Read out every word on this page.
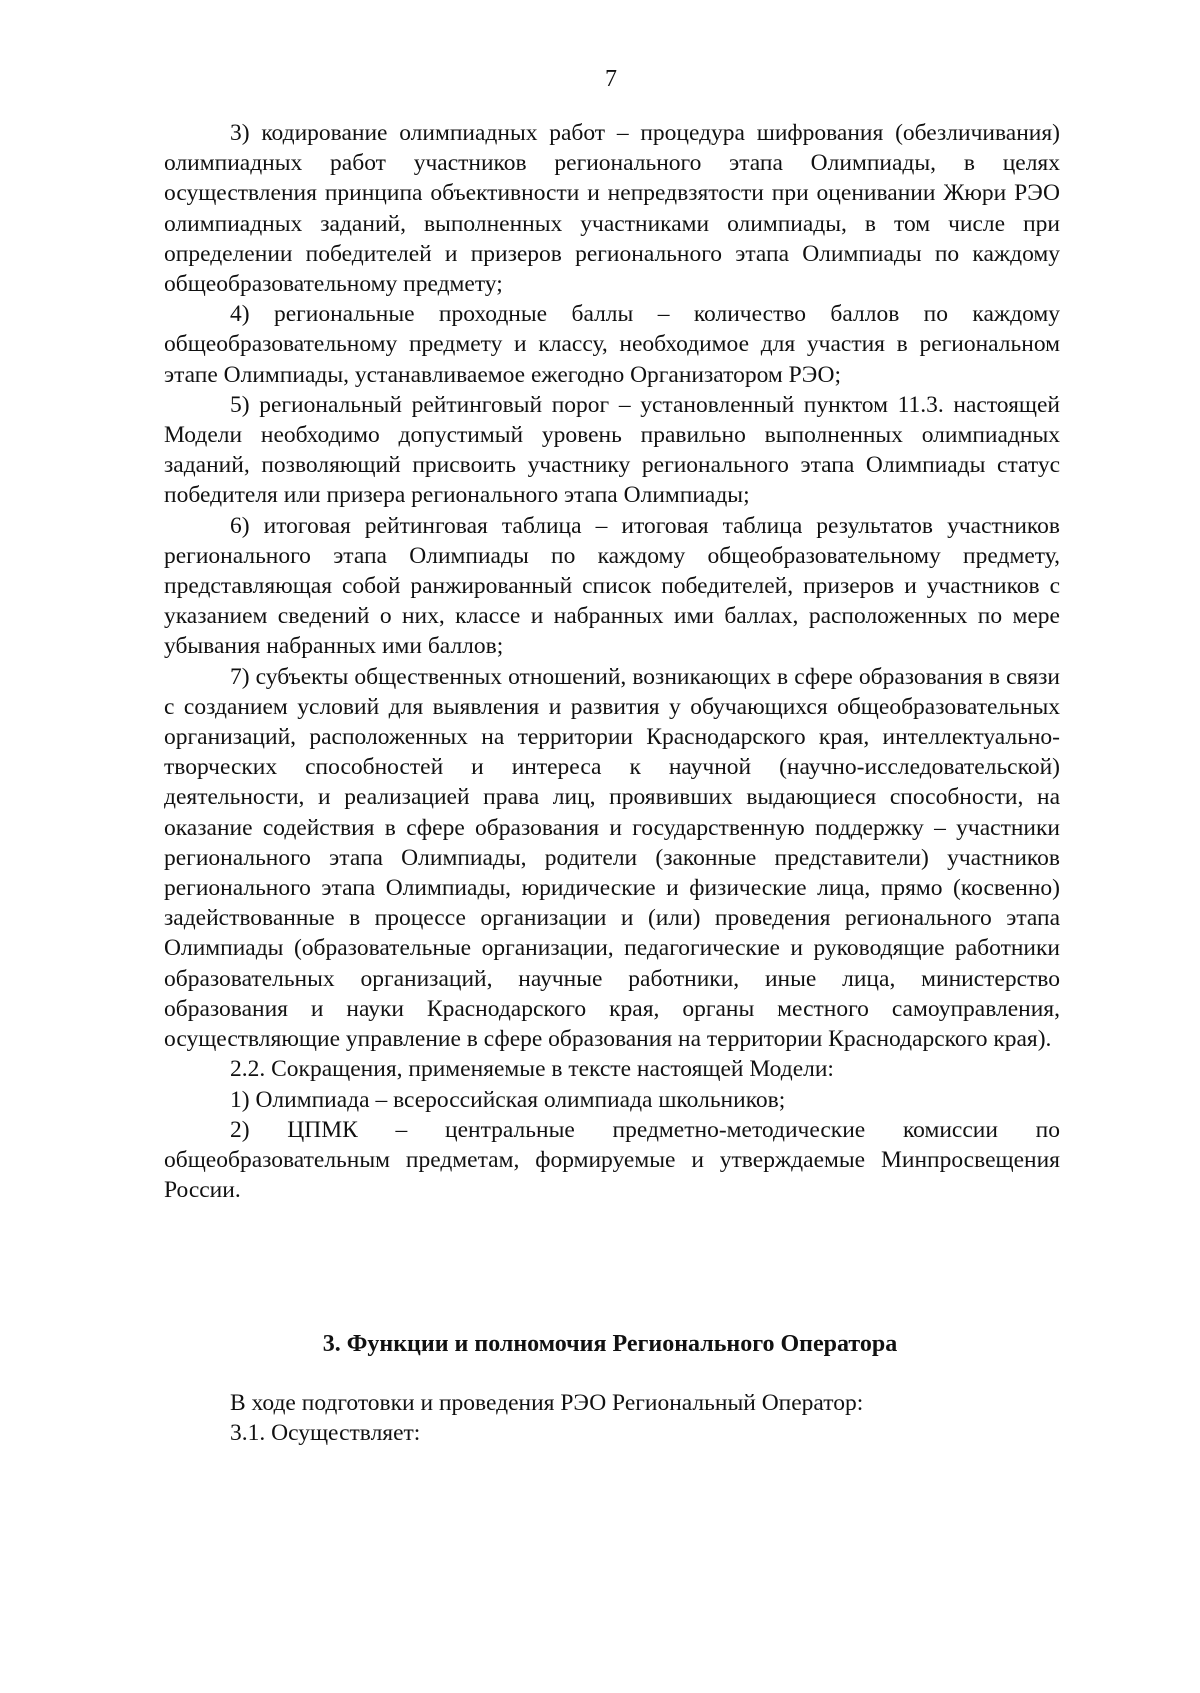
7

3) кодирование олимпиадных работ – процедура шифрования (обезличивания) олимпиадных работ участников регионального этапа Олимпиады, в целях осуществления принципа объективности и непредвзятости при оценивании Жюри РЭО олимпиадных заданий, выполненных участниками олимпиады, в том числе при определении победителей и призеров регионального этапа Олимпиады по каждому общеобразовательному предмету;

4) региональные проходные баллы – количество баллов по каждому общеобразовательному предмету и классу, необходимое для участия в региональном этапе Олимпиады, устанавливаемое ежегодно Организатором РЭО;

5) региональный рейтинговый порог – установленный пунктом 11.3. настоящей Модели необходимо допустимый уровень правильно выполненных олимпиадных заданий, позволяющий присвоить участнику регионального этапа Олимпиады статус победителя или призера регионального этапа Олимпиады;

6) итоговая рейтинговая таблица – итоговая таблица результатов участников регионального этапа Олимпиады по каждому общеобразовательному предмету, представляющая собой ранжированный список победителей, призеров и участников с указанием сведений о них, классе и набранных ими баллах, расположенных по мере убывания набранных ими баллов;

7) субъекты общественных отношений, возникающих в сфере образования в связи с созданием условий для выявления и развития у обучающихся общеобразовательных организаций, расположенных на территории Краснодарского края, интеллектуально-творческих способностей и интереса к научной (научно-исследовательской) деятельности, и реализацией права лиц, проявивших выдающиеся способности, на оказание содействия в сфере образования и государственную поддержку – участники регионального этапа Олимпиады, родители (законные представители) участников регионального этапа Олимпиады, юридические и физические лица, прямо (косвенно) задействованные в процессе организации и (или) проведения регионального этапа Олимпиады (образовательные организации, педагогические и руководящие работники образовательных организаций, научные работники, иные лица, министерство образования и науки Краснодарского края, органы местного самоуправления, осуществляющие управление в сфере образования на территории Краснодарского края).

2.2. Сокращения, применяемые в тексте настоящей Модели:

1) Олимпиада – всероссийская олимпиада школьников;

2) ЦПМК – центральные предметно-методические комиссии по общеобразовательным предметам, формируемые и утверждаемые Минпросвещения России.

3. Функции и полномочия Регионального Оператора

В ходе подготовки и проведения РЭО Региональный Оператор:

3.1. Осуществляет:
